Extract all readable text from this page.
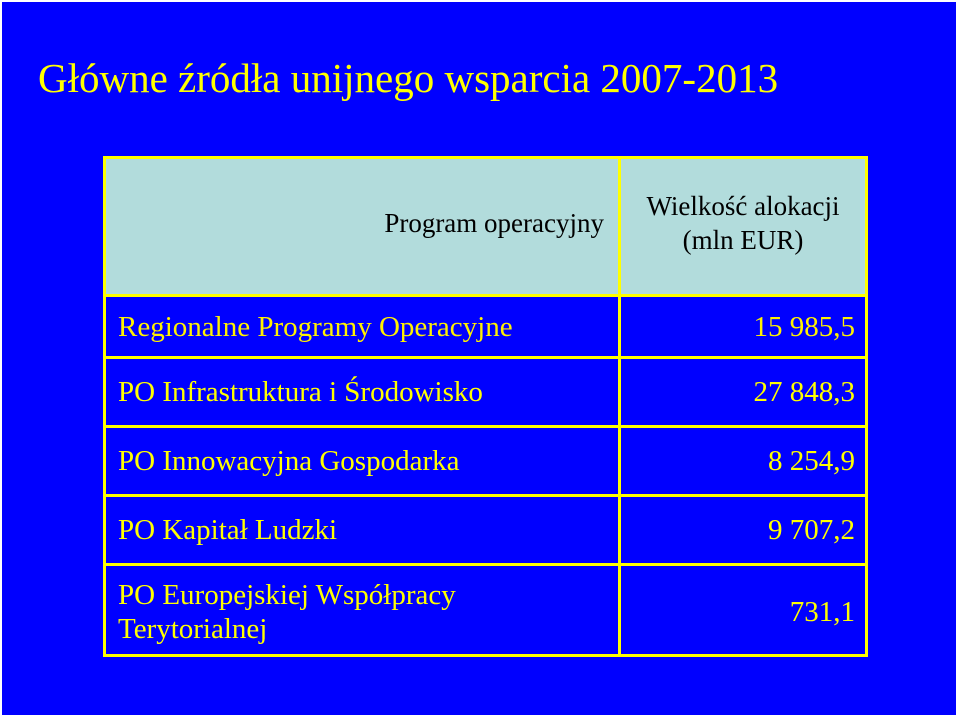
Główne źródła unijnego wsparcia 2007-2013
Program operacyjny	Wielkość alokacji (mln EUR)
Regionalne Programy Operacyjne	15 985,5
PO Infrastruktura i Środowisko	27 848,3
PO Innowacyjna Gospodarka	8 254,9
PO Kapitał Ludzki	9 707,2
PO Europejskiej Współpracy Terytorialnej	731,1
